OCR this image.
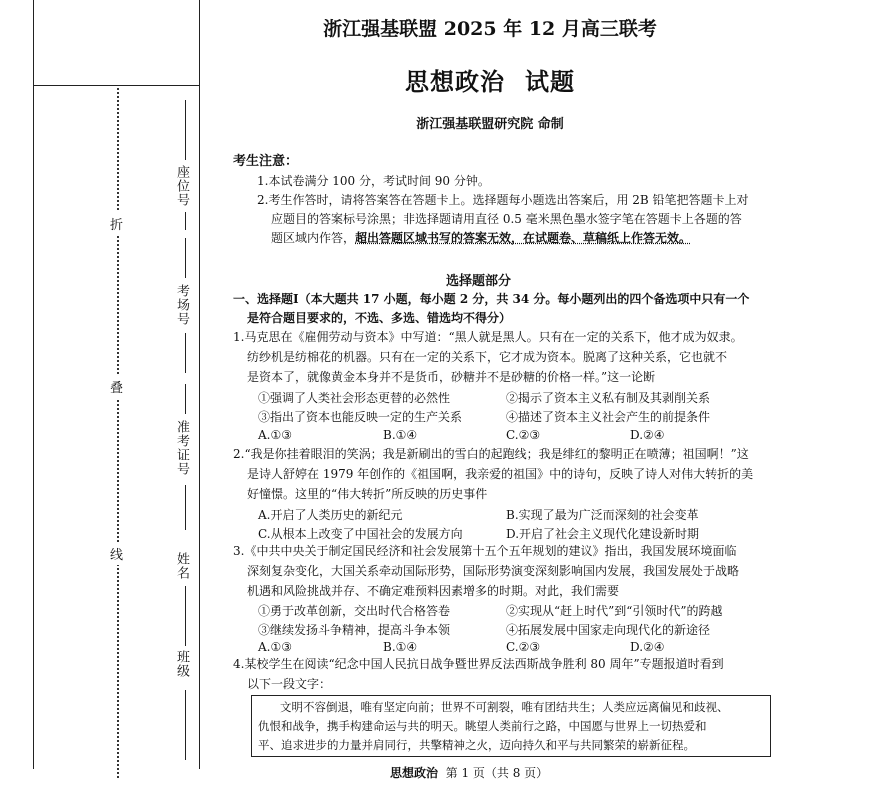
折
叠
线
座位号
考场号
准考证号
姓名
班级
浙江强基联盟 2025 年 12 月高三联考
思想政治 试题
浙江强基联盟研究院 命制
考生注意：
1.本试卷满分 100 分，考试时间 90 分钟。
2.考生作答时，请将答案答在答题卡上。选择题每小题选出答案后，用 2B 铅笔把答题卡上对
应题目的答案标号涂黑；非选择题请用直径 0.5 毫米黑色墨水签字笔在答题卡上各题的答
题区域内作答，超出答题区域书写的答案无效，在试题卷、草稿纸上作答无效。
选择题部分
一、选择题Ⅰ（本大题共 17 小题，每小题 2 分，共 34 分。每小题列出的四个备选项中只有一个
是符合题目要求的，不选、多选、错选均不得分）
1.马克思在《雇佣劳动与资本》中写道：“黑人就是黑人。只有在一定的关系下，他才成为奴隶。
纺纱机是纺棉花的机器。只有在一定的关系下，它才成为资本。脱离了这种关系，它也就不
是资本了，就像黄金本身并不是货币，砂糖并不是砂糖的价格一样。”这一论断
①强调了人类社会形态更替的必然性	②揭示了资本主义私有制及其剥削关系
③指出了资本也能反映一定的生产关系	④描述了资本主义社会产生的前提条件
A.①③	B.①④	C.②③	D.②④
2.“我是你挂着眼泪的笑涡；我是新刷出的雪白的起跑线；我是绯红的黎明正在喷薄；祖国啊！”这
是诗人舒婷在 1979 年创作的《祖国啊，我亲爱的祖国》中的诗句，反映了诗人对伟大转折的美
好憧憬。这里的“伟大转折”所反映的历史事件
A.开启了人类历史的新纪元	B.实现了最为广泛而深刻的社会变革
C.从根本上改变了中国社会的发展方向	D.开启了社会主义现代化建设新时期
3.《中共中央关于制定国民经济和社会发展第十五个五年规划的建议》指出，我国发展环境面临
深刻复杂变化，大国关系牵动国际形势，国际形势演变深刻影响国内发展，我国发展处于战略
机遇和风险挑战并存、不确定难预料因素增多的时期。对此，我们需要
①勇于改革创新，交出时代合格答卷	②实现从“赶上时代”到“引领时代”的跨越
③继续发扬斗争精神，提高斗争本领	④拓展发展中国家走向现代化的新途径
A.①③	B.①④	C.②③	D.②④
4.某校学生在阅读“纪念中国人民抗日战争暨世界反法西斯战争胜利 80 周年”专题报道时看到
以下一段文字：
文明不容倒退，唯有坚定向前；世界不可割裂，唯有团结共生；人类应远离偏见和歧视、
仇恨和战争，携手构建命运与共的明天。眺望人类前行之路，中国愿与世界上一切热爱和
平、追求进步的力量并肩同行，共擎精神之火，迈向持久和平与共同繁荣的崭新征程。
思想政治 第 1 页（共 8 页）
